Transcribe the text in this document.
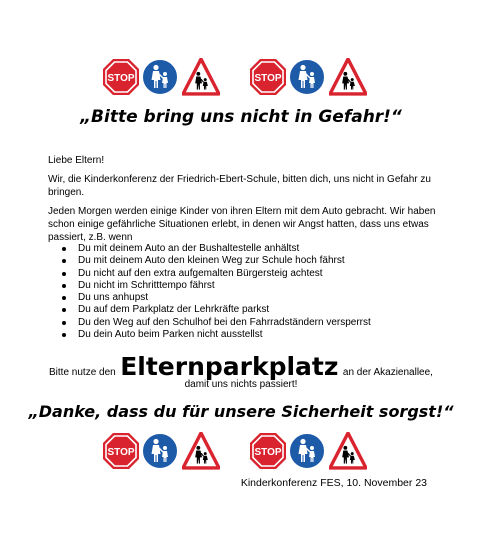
STOP	STOP
„Bitte bring uns nicht in Gefahr!“
Liebe Eltern!
Wir, die Kinderkonferenz der Friedrich-Ebert-Schule, bitten dich, uns nicht in Gefahr zu bringen.
Jeden Morgen werden einige Kinder von ihren Eltern mit dem Auto gebracht. Wir haben schon einige gefährliche Situationen erlebt, in denen wir Angst hatten, dass uns etwas passiert, z.B. wenn
Du mit deinem Auto an der Bushaltestelle anhältst
Du mit deinem Auto den kleinen Weg zur Schule hoch fährst
Du nicht auf den extra aufgemalten Bürgersteig achtest
Du nicht im Schritttempo fährst
Du uns anhupst
Du auf dem Parkplatz der Lehrkräfte parkst
Du den Weg auf den Schulhof bei den Fahrradständern versperrst
Du dein Auto beim Parken nicht ausstellst
Bitte nutze den Elternparkplatz an der Akazienallee,
damit uns nichts passiert!
„Danke, dass du für unsere Sicherheit sorgst!“
STOP	STOP
Kinderkonferenz FES, 10. November 23
